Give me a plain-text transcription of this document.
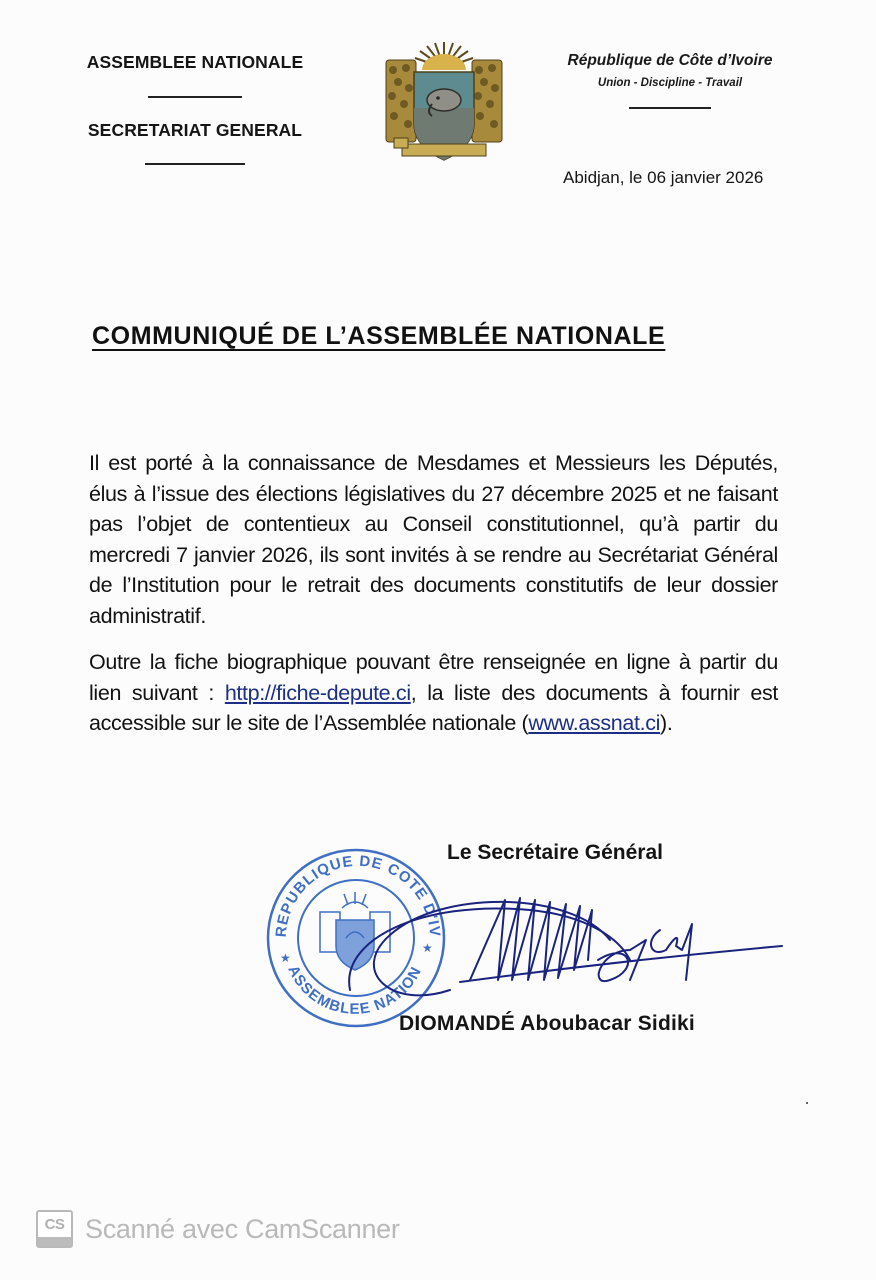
ASSEMBLEE NATIONALE
SECRETARIAT GENERAL
République de Côte d’Ivoire
Union - Discipline - Travail
Abidjan, le 06 janvier 2026
COMMUNIQUÉ DE L’ASSEMBLÉE NATIONALE
Il est porté à la connaissance de Mesdames et Messieurs les Députés, élus à l’issue des élections législatives du 27 décembre 2025 et ne faisant pas l’objet de contentieux au Conseil constitutionnel, qu’à partir du mercredi 7 janvier 2026, ils sont invités à se rendre au Secrétariat Général de l’Institution pour le retrait des documents constitutifs de leur dossier administratif.
Outre la fiche biographique pouvant être renseignée en ligne à partir du lien suivant : http://fiche-depute.ci, la liste des documents à fournir est accessible sur le site de l’Assemblée nationale (www.assnat.ci).
Le Secrétaire Général
REPUBLIQUE DE COTE D'IV
ASSEMBLEE NATION
★
★
DIOMANDÉ Aboubacar Sidiki
CS Scanné avec CamScanner
